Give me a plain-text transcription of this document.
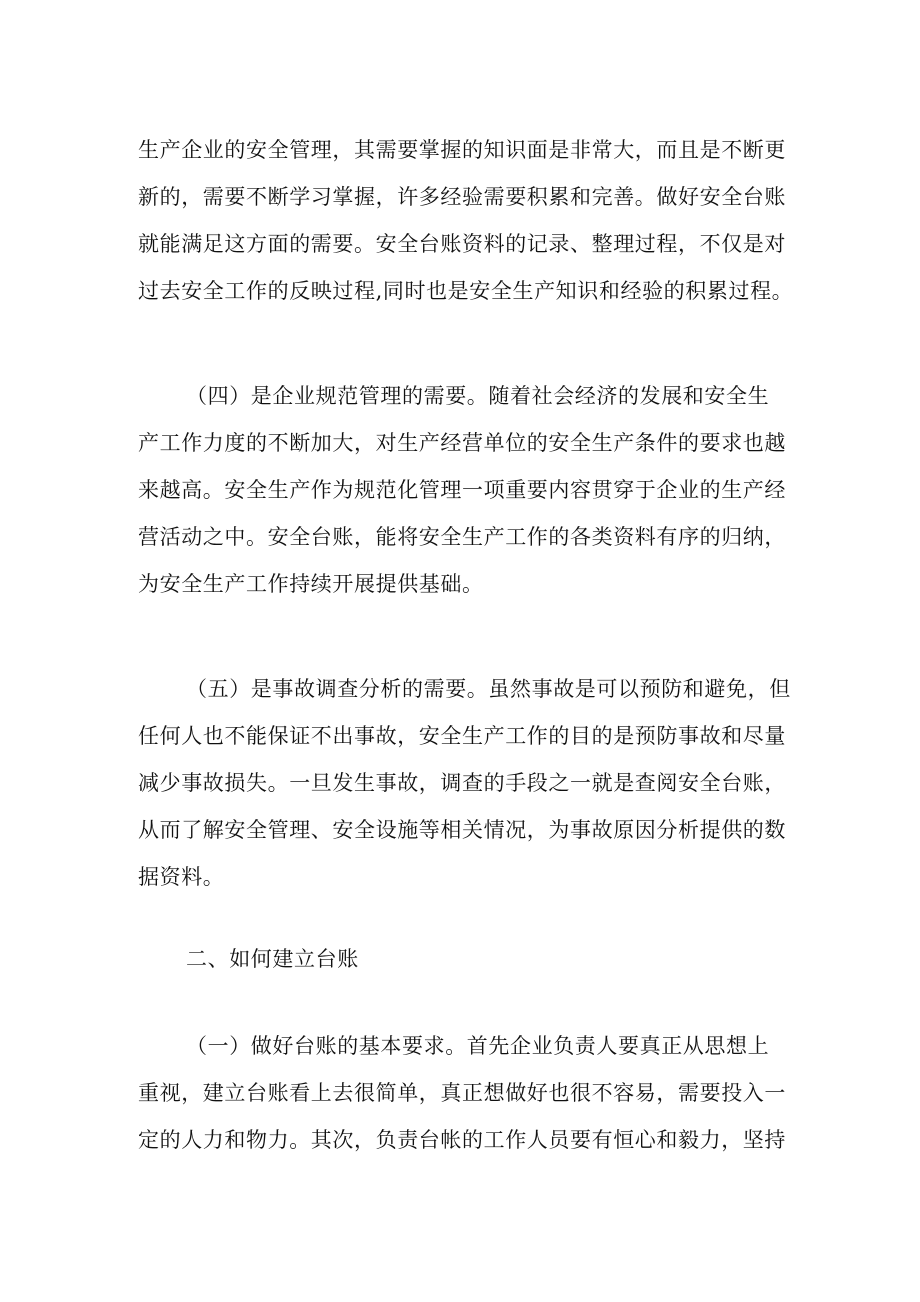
生产企业的安全管理，其需要掌握的知识面是非常大，而且是不断更
新的，需要不断学习掌握，许多经验需要积累和完善。做好安全台账
就能满足这方面的需要。安全台账资料的记录、整理过程，不仅是对
过去安全工作的反映过程,同时也是安全生产知识和经验的积累过程。
（四）是企业规范管理的需要。随着社会经济的发展和安全生
产工作力度的不断加大，对生产经营单位的安全生产条件的要求也越
来越高。安全生产作为规范化管理一项重要内容贯穿于企业的生产经
营活动之中。安全台账，能将安全生产工作的各类资料有序的归纳，
为安全生产工作持续开展提供基础。
（五）是事故调查分析的需要。虽然事故是可以预防和避免，但
任何人也不能保证不出事故，安全生产工作的目的是预防事故和尽量
减少事故损失。一旦发生事故，调查的手段之一就是查阅安全台账，
从而了解安全管理、安全设施等相关情况，为事故原因分析提供的数
据资料。
二、如何建立台账
（一）做好台账的基本要求。首先企业负责人要真正从思想上
重视，建立台账看上去很简单，真正想做好也很不容易，需要投入一
定的人力和物力。其次，负责台帐的工作人员要有恒心和毅力，坚持
